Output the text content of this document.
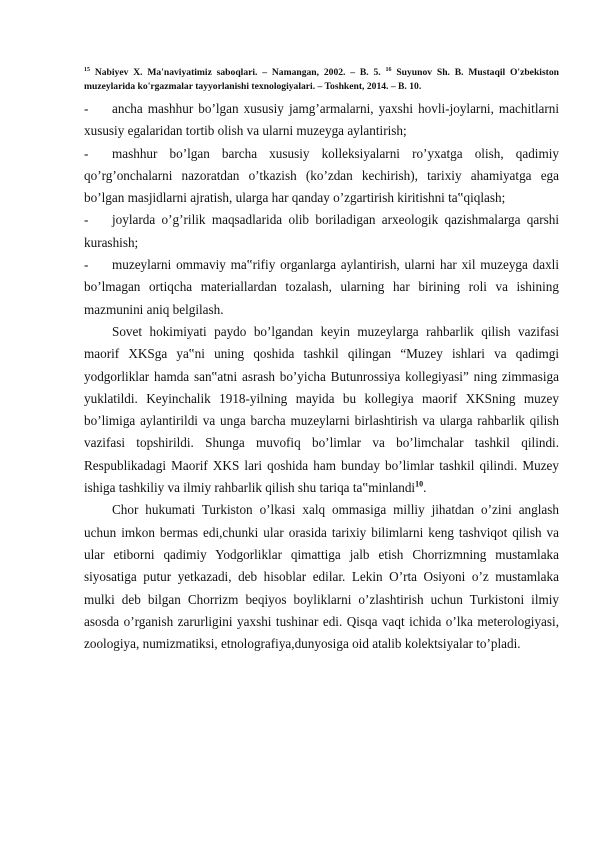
$^{15}$ Nabiyev X. Ma'naviyatimiz saboqlari. – Namangan, 2002. – B. 5. $^{16}$ Suyunov Sh. B. Mustaqil O'zbekiston muzeylarida ko'rgazmalar tayyorlanishi texnologiyalari. – Toshkent, 2014. – B. 10.

- ancha mashhur bo’lgan xususiy jamg’armalarni, yaxshi hovli-joylarni, machitlarni xususiy egalaridan tortib olish va ularni muzeyga aylantirish;
- mashhur bo’lgan barcha xususiy kolleksiyalarni ro’yxatga olish, qadimiy qo’rg’onchalarni nazoratdan o’tkazish (ko’zdan kechirish), tarixiy ahamiyatga ega bo’lgan masjidlarni ajratish, ularga har qanday o’zgartirish kiritishni ta‟qiqlash;
- joylarda o’g’rilik maqsadlarida olib boriladigan arxeologik qazishmalarga qarshi kurashish;
- muzeylarni ommaviy ma‟rifiy organlarga aylantirish, ularni har xil muzeyga daxli bo’lmagan ortiqcha materiallardan tozalash, ularning har birining roli va ishining mazmunini aniq belgilash.

Sovet hokimiyati paydo bo’lgandan keyin muzeylarga rahbarlik qilish vazifasi maorif XKSga ya‟ni uning qoshida tashkil qilingan “Muzey ishlari va qadimgi yodgorliklar hamda san‟atni asrash bo’yicha Butunrossiya kollegiyasi” ning zimmasiga yuklatildi. Keyinchalik 1918-yilning mayida bu kollegiya maorif XKSning muzey bo’limiga aylantirildi va unga barcha muzeylarni birlashtirish va ularga rahbarlik qilish vazifasi topshirildi. Shunga muvofiq bo’limlar va bo’limchalar tashkil qilindi. Respublikadagi Maorif XKS lari qoshida ham bunday bo’limlar tashkil qilindi. Muzey ishiga tashkiliy va ilmiy rahbarlik qilish shu tariqa ta‟minlandi$^{10}$.

Chor hukumati Turkiston o’lkasi xalq ommasiga milliy jihatdan o’zini anglash uchun imkon bermas edi,chunki ular orasida tarixiy bilimlarni keng tashviqot qilish va ular etiborni qadimiy Yodgorliklar qimattiga jalb etish Chorrizmning mustamlaka siyosatiga putur yetkazadi, deb hisoblar edilar. Lekin O’rta Osiyoni o’z mustamlaka mulki deb bilgan Chorrizm beqiyos boyliklarni o’zlashtirish uchun Turkistoni ilmiy asosda o’rganish zarurligini yaxshi tushinar edi. Qisqa vaqt ichida o’lka meterologiyasi, zoologiya, numizmatiksi, etnolografiya,dunyosiga oid atalib kolektsiyalar to’pladi.
